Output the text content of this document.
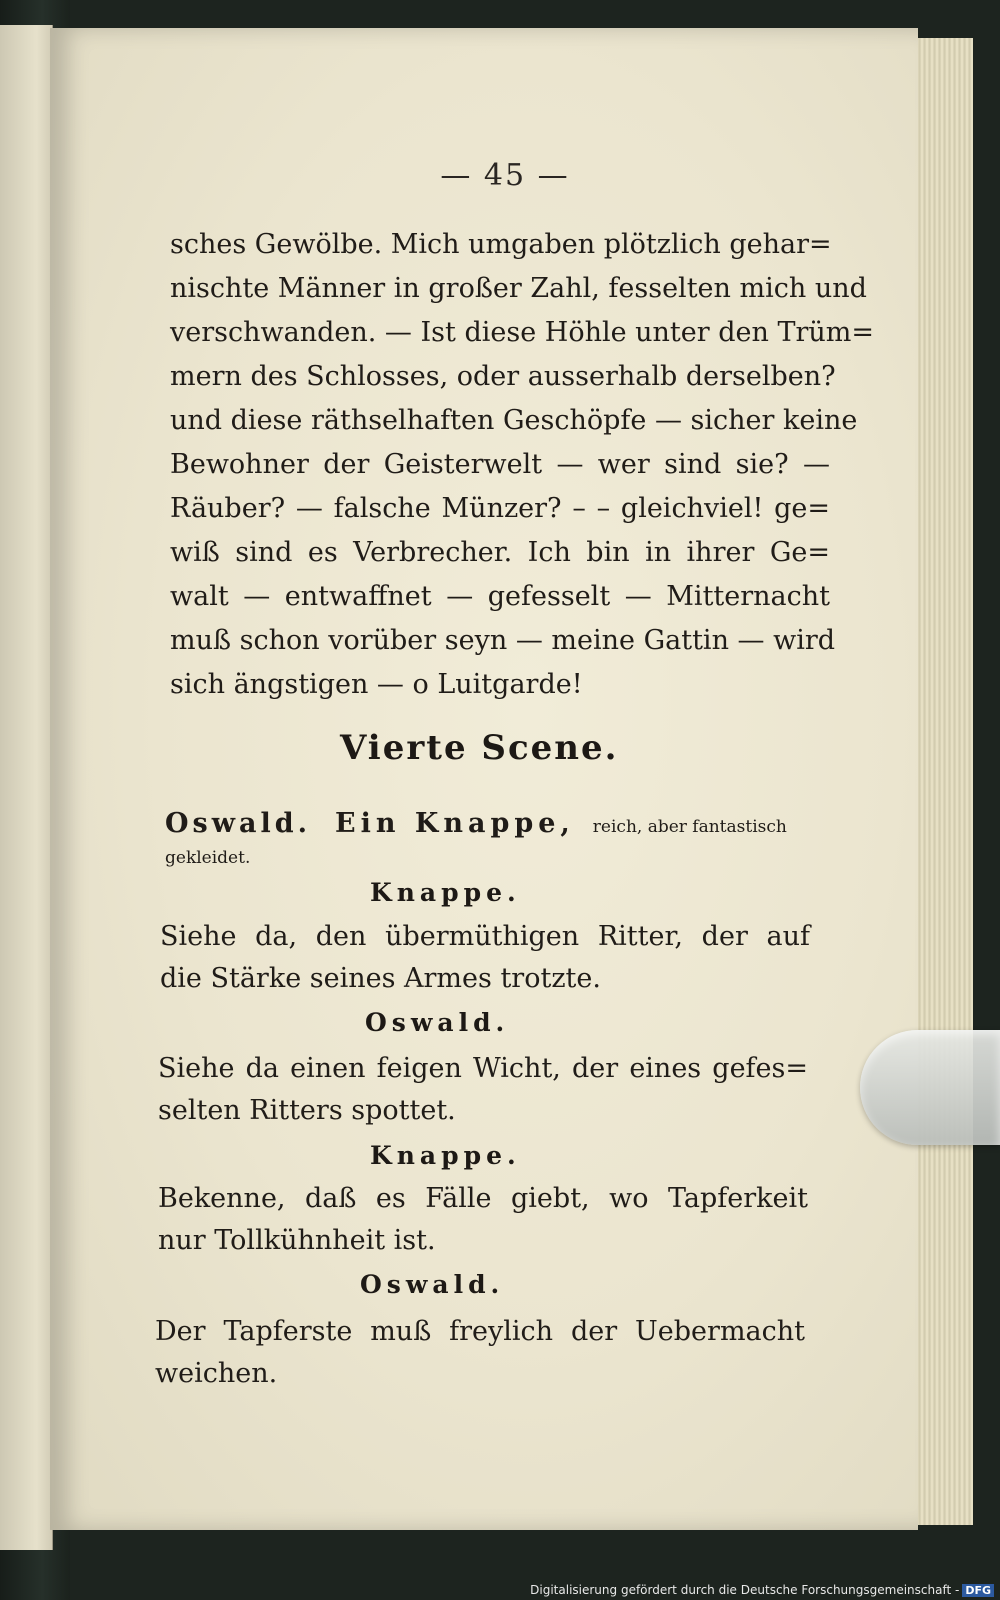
— 45 —
sches Gewölbe. Mich umgaben plötzlich gehar=
nischte Männer in großer Zahl, fesselten mich und
verschwanden. — Ist diese Höhle unter den Trüm=
mern des Schlosses, oder ausserhalb derselben?
und diese räthselhaften Geschöpfe — sicher keine
Bewohner der Geisterwelt — wer sind sie? —
Räuber? — falsche Münzer? – – gleichviel! ge=
wiß sind es Verbrecher. Ich bin in ihrer Ge=
walt — entwaffnet — gefesselt — Mitternacht
muß schon vorüber seyn — meine Gattin — wird
sich ängstigen — o Luitgarde!
Vierte Scene.
Oswald. Ein Knappe, reich, aber fantastisch
gekleidet.
Knappe.
Siehe da, den übermüthigen Ritter, der auf
die Stärke seines Armes trotzte.
Oswald.
Siehe da einen feigen Wicht, der eines gefes=
selten Ritters spottet.
Knappe.
Bekenne, daß es Fälle giebt, wo Tapferkeit
nur Tollkühnheit ist.
Oswald.
Der Tapferste muß freylich der Uebermacht
weichen.
Digitalisierung gefördert durch die Deutsche Forschungsgemeinschaft - DFG
